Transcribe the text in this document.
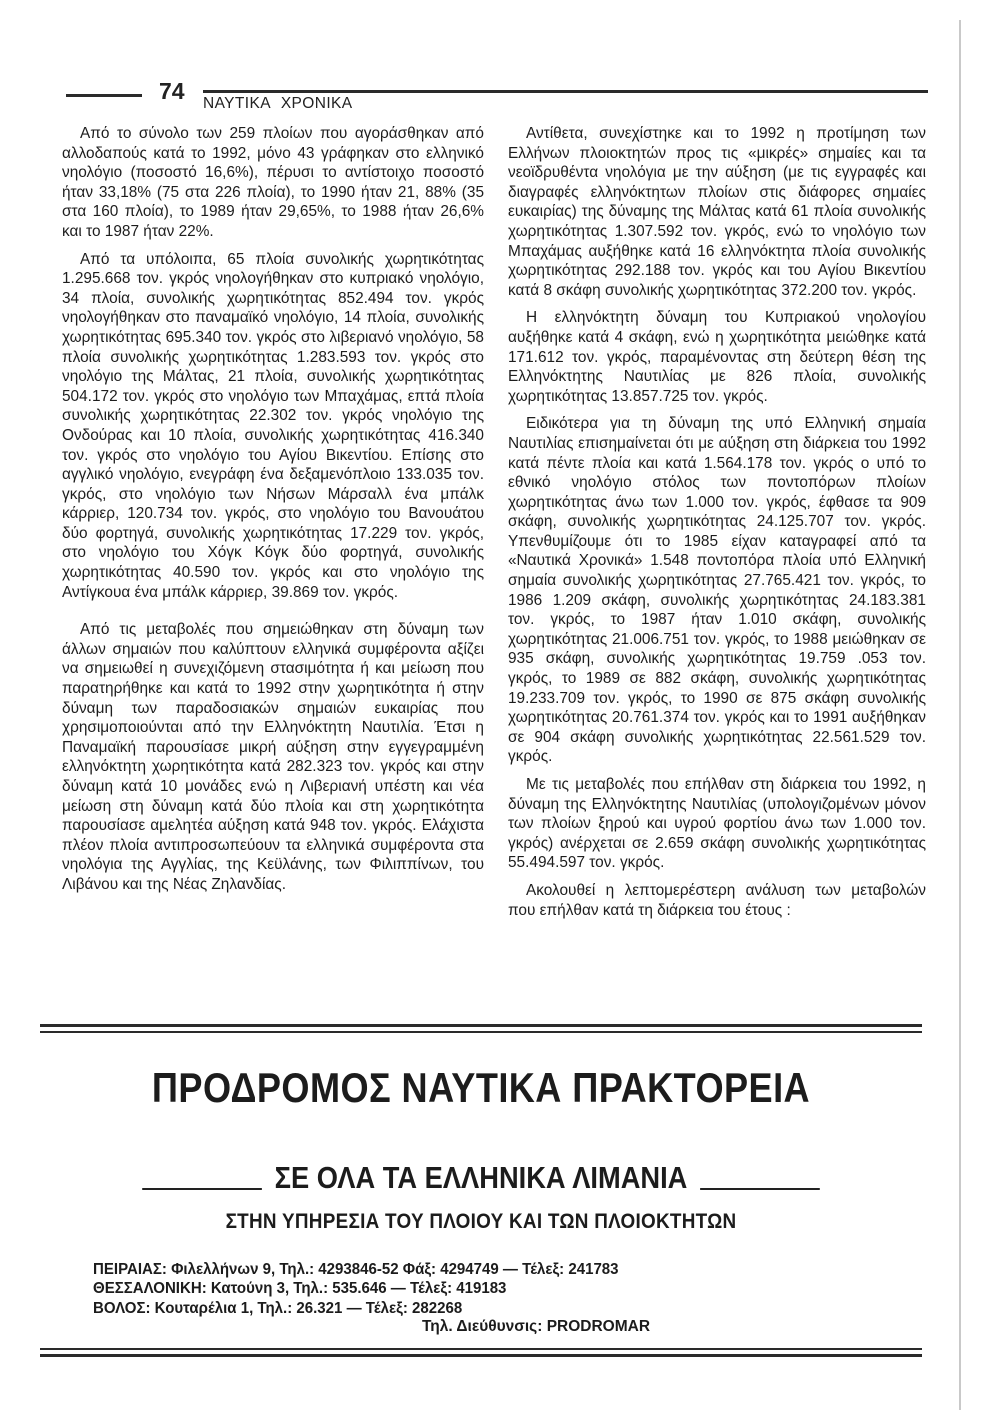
74 ΝΑΥΤΙΚΑ ΧΡΟΝΙΚΑ

Από το σύνολο των 259 πλοίων που αγοράσθηκαν από αλλοδαπούς κατά το 1992, μόνο 43 γράφηκαν στο ελληνικό νηολόγιο (ποσοστό 16,6%), πέρυσι το αντίστοιχο ποσοστό ήταν 33,18% (75 στα 226 πλοία), το 1990 ήταν 21, 88% (35 στα 160 πλοία), το 1989 ήταν 29,65%, το 1988 ήταν 26,6% και το 1987 ήταν 22%.

Από τα υπόλοιπα, 65 πλοία συνολικής χωρητικότητας 1.295.668 τον. γκρός νηολογήθηκαν στο κυπριακό νηολόγιο, 34 πλοία, συνολικής χωρητικότητας 852.494 τον. γκρός νηολογήθηκαν στο παναμαϊκό νηολόγιο, 14 πλοία, συνολικής χωρητικότητας 695.340 τον. γκρός στο λιβεριανό νηολόγιο, 58 πλοία συνολικής χωρητικότητας 1.283.593 τον. γκρός στο νηολόγιο της Μάλτας, 21 πλοία, συνολικής χωρητικότητας 504.172 τον. γκρός στο νηολόγιο των Μπαχάμας, επτά πλοία συνολικής χωρητικότητας 22.302 τον. γκρός νηολόγιο της Ονδούρας και 10 πλοία, συνολικής χωρητικότητας 416.340 τον. γκρός στο νηολόγιο του Αγίου Βικεντίου. Επίσης στο αγγλικό νηολόγιο, ενεγράφη ένα δεξαμενόπλοιο 133.035 τον. γκρός, στο νηολόγιο των Νήσων Μάρσαλλ ένα μπάλκ κάρριερ, 120.734 τον. γκρός, στο νηολόγιο του Βανουάτου δύο φορτηγά, συνολικής χωρητικότητας 17.229 τον. γκρός, στο νηολόγιο του Χόγκ Κόγκ δύο φορτηγά, συνολικής χωρητικότητας 40.590 τον. γκρός και στο νηολόγιο της Αντίγκουα ένα μπάλκ κάρριερ, 39.869 τον. γκρός.

Από τις μεταβολές που σημειώθηκαν στη δύναμη των άλλων σημαιών που καλύπτουν ελληνικά συμφέροντα αξίζει να σημειωθεί η συνεχιζόμενη στασιμότητα ή και μείωση που παρατηρήθηκε και κατά το 1992 στην χωρητικότητα ή στην δύναμη των παραδοσιακών σημαιών ευκαιρίας που χρησιμοποιούνται από την Ελληνόκτητη Ναυτιλία. Έτσι η Παναμαϊκή παρουσίασε μικρή αύξηση στην εγγεγραμμένη ελληνόκτητη χωρητικότητα κατά 282.323 τον. γκρός και στην δύναμη κατά 10 μονάδες ενώ η Λιβεριανή υπέστη και νέα μείωση στη δύναμη κατά δύο πλοία και στη χωρητικότητα παρουσίασε αμελητέα αύξηση κατά 948 τον. γκρός. Ελάχιστα πλέον πλοία αντιπροσωπεύουν τα ελληνικά συμφέροντα στα νηολόγια της Αγγλίας, της Κεϋλάνης, των Φιλιππίνων, του Λιβάνου και της Νέας Ζηλανδίας.

Αντίθετα, συνεχίστηκε και το 1992 η προτίμηση των Ελλήνων πλοιοκτητών προς τις «μικρές» σημαίες και τα νεοϊδρυθέντα νηολόγια με την αύξηση (με τις εγγραφές και διαγραφές ελληνόκτητων πλοίων στις διάφορες σημαίες ευκαιρίας) της δύναμης της Μάλτας κατά 61 πλοία συνολικής χωρητικότητας 1.307.592 τον. γκρός, ενώ το νηολόγιο των Μπαχάμας αυξήθηκε κατά 16 ελληνόκτητα πλοία συνολικής χωρητικότητας 292.188 τον. γκρός και του Αγίου Βικεντίου κατά 8 σκάφη συνολικής χωρητικότητας 372.200 τον. γκρός.

Η ελληνόκτητη δύναμη του Κυπριακού νηολογίου αυξήθηκε κατά 4 σκάφη, ενώ η χωρητικότητα μειώθηκε κατά 171.612 τον. γκρός, παραμένοντας στη δεύτερη θέση της Ελληνόκτητης Ναυτιλίας με 826 πλοία, συνολικής χωρητικότητας 13.857.725 τον. γκρός.

Ειδικότερα για τη δύναμη της υπό Ελληνική σημαία Ναυτιλίας επισημαίνεται ότι με αύξηση στη διάρκεια του 1992 κατά πέντε πλοία και κατά 1.564.178 τον. γκρός ο υπό το εθνικό νηολόγιο στόλος των ποντοπόρων πλοίων χωρητικότητας άνω των 1.000 τον. γκρός, έφθασε τα 909 σκάφη, συνολικής χωρητικότητας 24.125.707 τον. γκρός. Υπενθυμίζουμε ότι το 1985 είχαν καταγραφεί από τα «Ναυτικά Χρονικά» 1.548 ποντοπόρα πλοία υπό Ελληνική σημαία συνολικής χωρητικότητας 27.765.421 τον. γκρός, το 1986 1.209 σκάφη, συνολικής χωρητικότητας 24.183.381 τον. γκρός, το 1987 ήταν 1.010 σκάφη, συνολικής χωρητικότητας 21.006.751 τον. γκρός, το 1988 μειώθηκαν σε 935 σκάφη, συνολικής χωρητικότητας 19.759 .053 τον. γκρός, το 1989 σε 882 σκάφη, συνολικής χωρητικότητας 19.233.709 τον. γκρός, το 1990 σε 875 σκάφη συνολικής χωρητικότητας 20.761.374 τον. γκρός και το 1991 αυξήθηκαν σε 904 σκάφη συνολικής χωρητικότητας 22.561.529 τον. γκρός.

Με τις μεταβολές που επήλθαν στη διάρκεια του 1992, η δύναμη της Ελληνόκτητης Ναυτιλίας (υπολογιζομένων μόνον των πλοίων ξηρού και υγρού φορτίου άνω των 1.000 τον. γκρός) ανέρχεται σε 2.659 σκάφη συνολικής χωρητικότητας 55.494.597 τον. γκρός.

Ακολουθεί η λεπτομερέστερη ανάλυση των μεταβολών που επήλθαν κατά τη διάρκεια του έτους :

ΠΡΟΔΡΟΜΟΣ ΝΑΥΤΙΚΑ ΠΡΑΚΤΟΡΕΙΑ
ΣΕ ΟΛΑ ΤΑ ΕΛΛΗΝΙΚΑ ΛΙΜΑΝΙΑ
ΣΤΗΝ ΥΠΗΡΕΣΙΑ ΤΟΥ ΠΛΟΙΟΥ ΚΑΙ ΤΩΝ ΠΛΟΙΟΚΤΗΤΩΝ
ΠΕΙΡΑΙΑΣ: Φιλελλήνων 9, Τηλ.: 4293846-52 Φάξ: 4294749 — Τέλεξ: 241783
ΘΕΣΣΑΛΟΝΙΚΗ: Κατούνη 3, Τηλ.: 535.646 — Τέλεξ: 419183
ΒΟΛΟΣ: Κουταρέλια 1, Τηλ.: 26.321 — Τέλεξ: 282268
Τηλ. Διεύθυνσις: PRODROMAR
